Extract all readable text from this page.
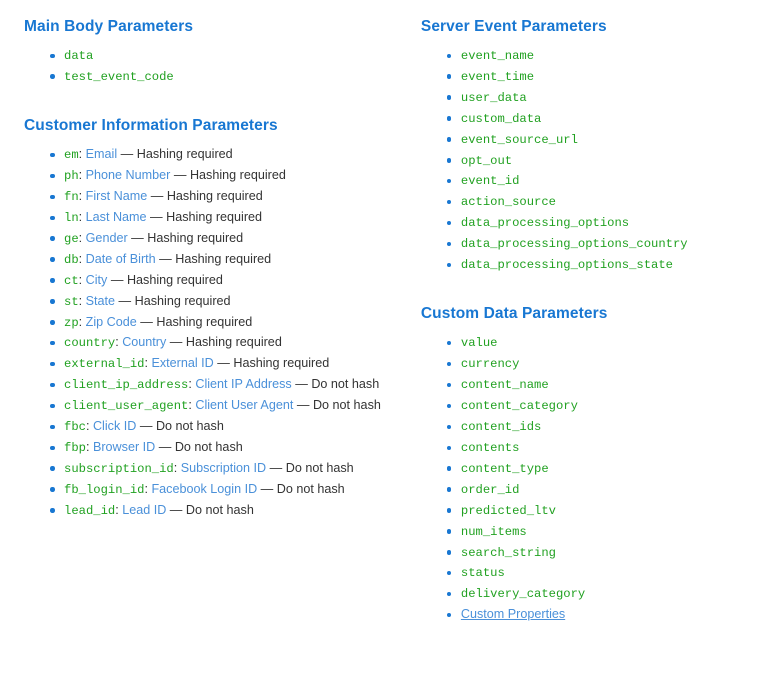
Main Body Parameters
data
test_event_code
Customer Information Parameters
em: Email — Hashing required
ph: Phone Number — Hashing required
fn: First Name — Hashing required
ln: Last Name — Hashing required
ge: Gender — Hashing required
db: Date of Birth — Hashing required
ct: City — Hashing required
st: State — Hashing required
zp: Zip Code — Hashing required
country: Country — Hashing required
external_id: External ID — Hashing required
client_ip_address: Client IP Address — Do not hash
client_user_agent: Client User Agent — Do not hash
fbc: Click ID — Do not hash
fbp: Browser ID — Do not hash
subscription_id: Subscription ID — Do not hash
fb_login_id: Facebook Login ID — Do not hash
lead_id: Lead ID — Do not hash
Server Event Parameters
event_name
event_time
user_data
custom_data
event_source_url
opt_out
event_id
action_source
data_processing_options
data_processing_options_country
data_processing_options_state
Custom Data Parameters
value
currency
content_name
content_category
content_ids
contents
content_type
order_id
predicted_ltv
num_items
search_string
status
delivery_category
Custom Properties
